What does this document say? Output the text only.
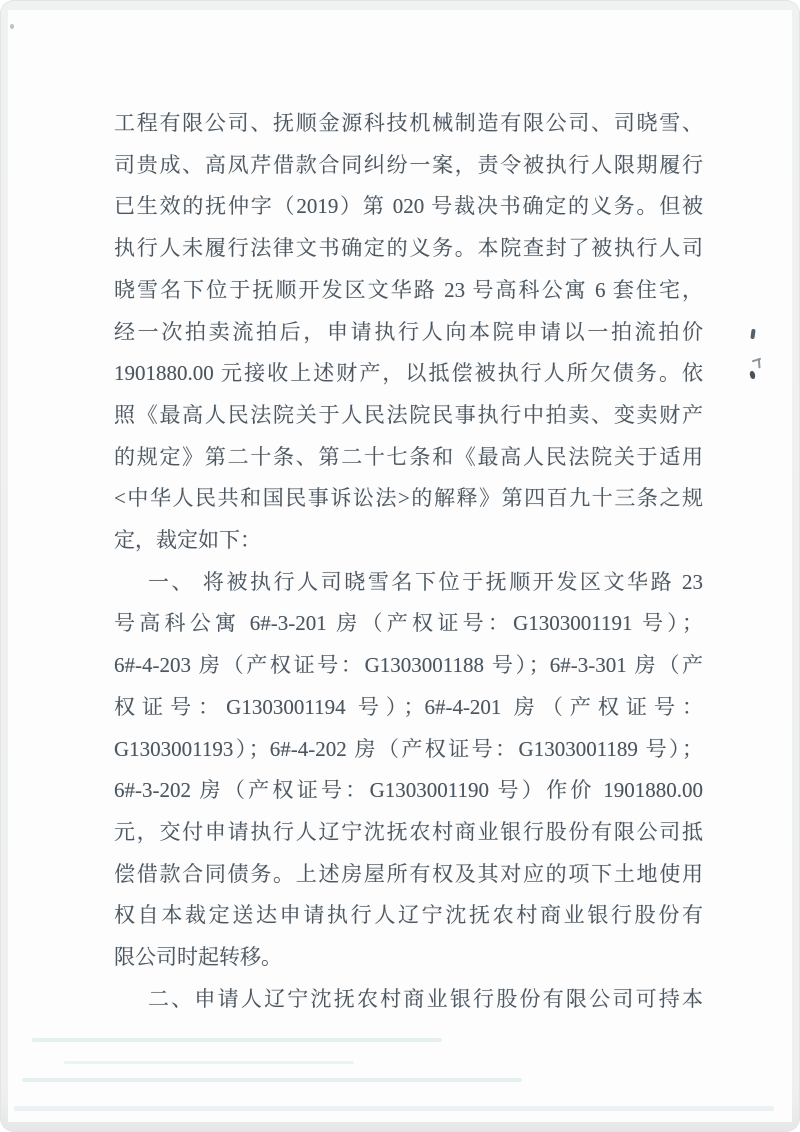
工程有限公司、抚顺金源科技机械制造有限公司、司晓雪、
司贵成、高凤芹借款合同纠纷一案，责令被执行人限期履行
已生效的抚仲字（2019）第 020 号裁决书确定的义务。但被
执行人未履行法律文书确定的义务。本院查封了被执行人司
晓雪名下位于抚顺开发区文华路 23 号高科公寓 6 套住宅，
经一次拍卖流拍后，申请执行人向本院申请以一拍流拍价
1901880.00 元接收上述财产，以抵偿被执行人所欠债务。依
照《最高人民法院关于人民法院民事执行中拍卖、变卖财产
的规定》第二十条、第二十七条和《最高人民法院关于适用
<中华人民共和国民事诉讼法>的解释》第四百九十三条之规
定，裁定如下：
一、 将被执行人司晓雪名下位于抚顺开发区文华路 23
号高科公寓 6#-3-201 房（产权证号：G1303001191 号）；
6#-4-203 房（产权证号：G1303001188 号）；6#-3-301 房（产
权证号：G1303001194 号）；6#-4-201 房（产权证号：
G1303001193）；6#-4-202 房（产权证号：G1303001189 号）；
6#-3-202 房（产权证号：G1303001190 号）作价 1901880.00
元，交付申请执行人辽宁沈抚农村商业银行股份有限公司抵
偿借款合同债务。上述房屋所有权及其对应的项下土地使用
权自本裁定送达申请执行人辽宁沈抚农村商业银行股份有
限公司时起转移。
二、申请人辽宁沈抚农村商业银行股份有限公司可持本
